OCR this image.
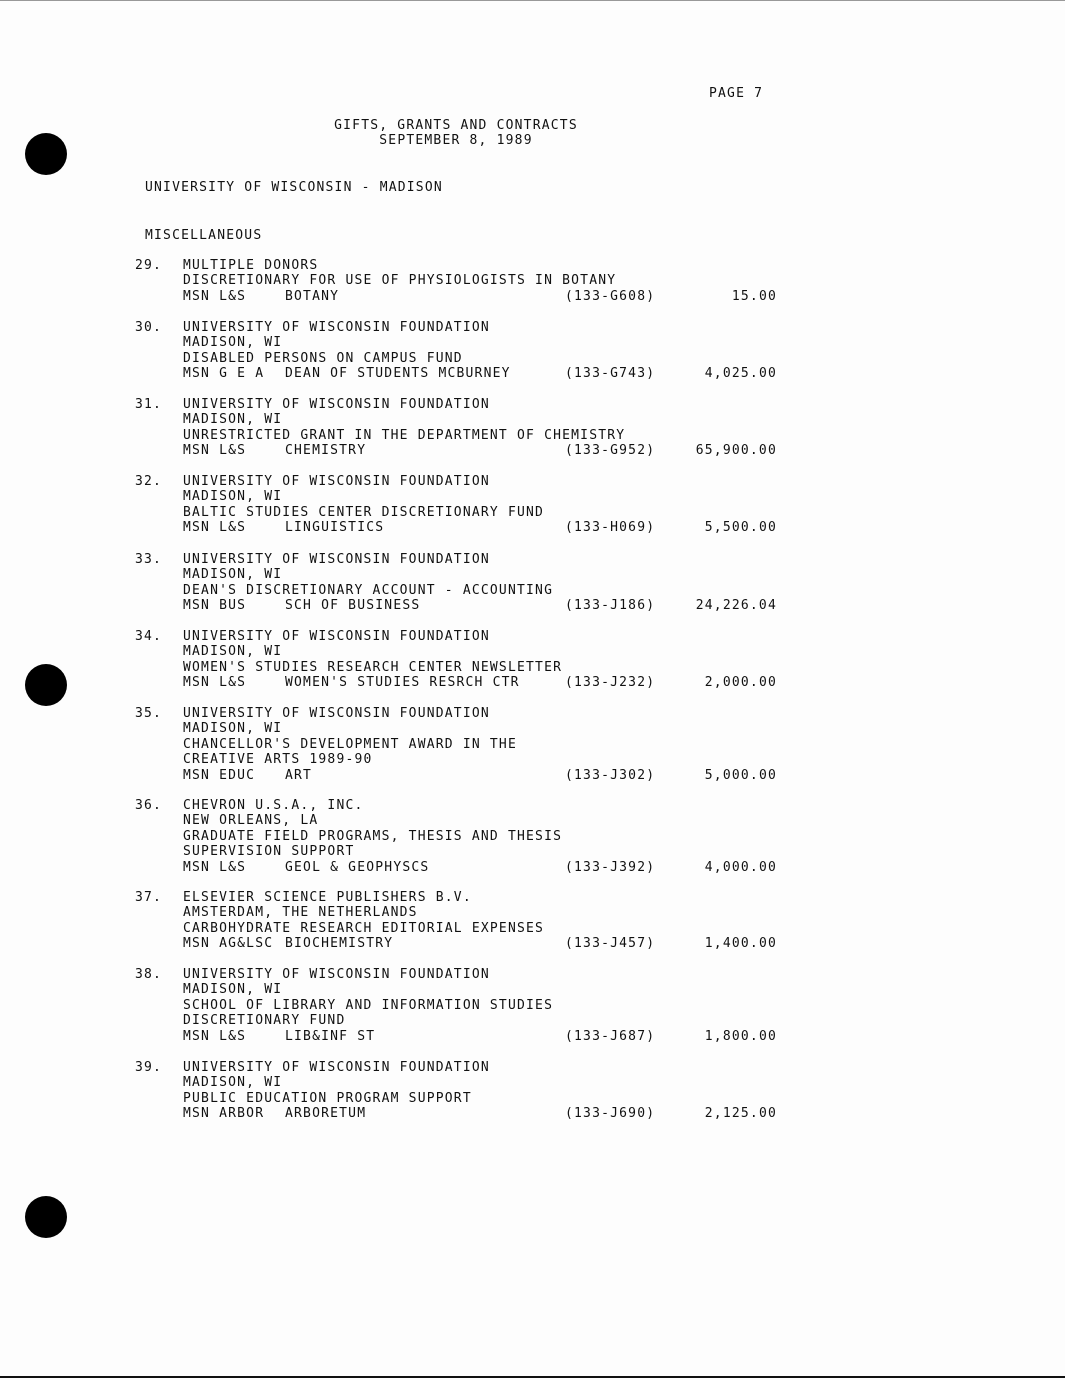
PAGE 7
GIFTS, GRANTS AND CONTRACTS
SEPTEMBER 8, 1989
UNIVERSITY OF WISCONSIN - MADISON
MISCELLANEOUS
29. MULTIPLE DONORS
DISCRETIONARY FOR USE OF PHYSIOLOGISTS IN BOTANY
MSN L&S	BOTANY	(133-G608)	15.00
30. UNIVERSITY OF WISCONSIN FOUNDATION
MADISON, WI
DISABLED PERSONS ON CAMPUS FUND
MSN G E A DEAN OF STUDENTS MCBURNEY	(133-G743)	4,025.00
31. UNIVERSITY OF WISCONSIN FOUNDATION
MADISON, WI
UNRESTRICTED GRANT IN THE DEPARTMENT OF CHEMISTRY
MSN L&S	CHEMISTRY	(133-G952)	65,900.00
32. UNIVERSITY OF WISCONSIN FOUNDATION
MADISON, WI
BALTIC STUDIES CENTER DISCRETIONARY FUND
MSN L&S	LINGUISTICS	(133-H069)	5,500.00
33. UNIVERSITY OF WISCONSIN FOUNDATION
MADISON, WI
DEAN'S DISCRETIONARY ACCOUNT - ACCOUNTING
MSN BUS	SCH OF BUSINESS	(133-J186)	24,226.04
34. UNIVERSITY OF WISCONSIN FOUNDATION
MADISON, WI
WOMEN'S STUDIES RESEARCH CENTER NEWSLETTER
MSN L&S	WOMEN'S STUDIES RESRCH CTR	(133-J232)	2,000.00
35. UNIVERSITY OF WISCONSIN FOUNDATION
MADISON, WI
CHANCELLOR'S DEVELOPMENT AWARD IN THE
CREATIVE ARTS 1989-90
MSN EDUC ART	(133-J302)	5,000.00
36. CHEVRON U.S.A., INC.
NEW ORLEANS, LA
GRADUATE FIELD PROGRAMS, THESIS AND THESIS
SUPERVISION SUPPORT
MSN L&S	GEOL & GEOPHYSCS	(133-J392)	4,000.00
37. ELSEVIER SCIENCE PUBLISHERS B.V.
AMSTERDAM, THE NETHERLANDS
CARBOHYDRATE RESEARCH EDITORIAL EXPENSES
MSN AG&LSC BIOCHEMISTRY	(133-J457)	1,400.00
38. UNIVERSITY OF WISCONSIN FOUNDATION
MADISON, WI
SCHOOL OF LIBRARY AND INFORMATION STUDIES
DISCRETIONARY FUND
MSN L&S	LIB&INF ST	(133-J687)	1,800.00
39. UNIVERSITY OF WISCONSIN FOUNDATION
MADISON, WI
PUBLIC EDUCATION PROGRAM SUPPORT
MSN ARBOR ARBORETUM	(133-J690)	2,125.00
